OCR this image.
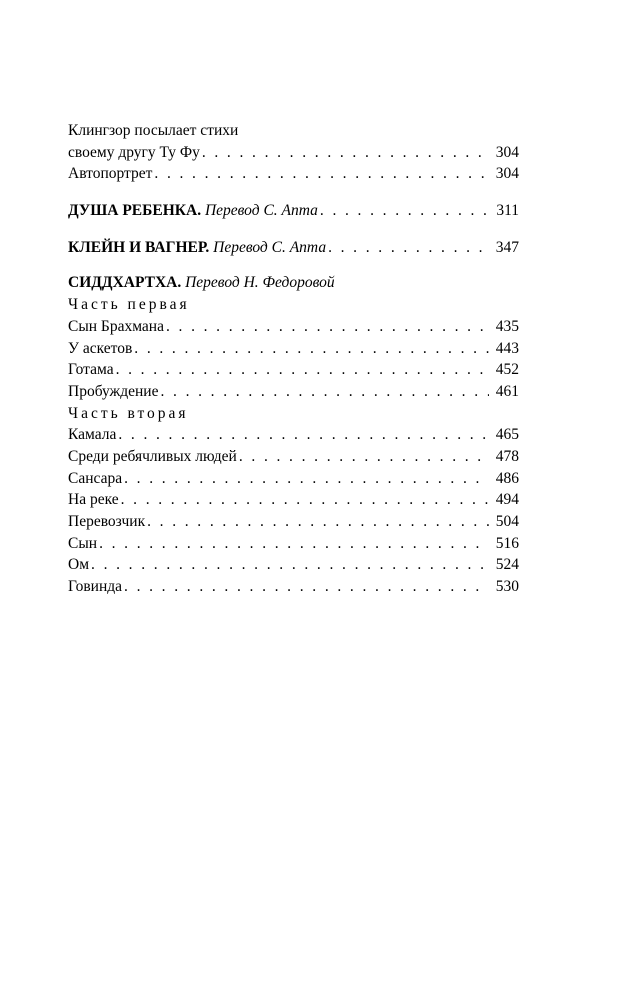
Клингзор посылает стихи
своему другу Ту Фу . . .	304
Автопортрет . . .	304
ДУША РЕБЕНКА. Перевод С. Апта . . .	311
КЛЕЙН И ВАГНЕР. Перевод С. Апта . . .	347
СИДДХАРТХА. Перевод Н. Федоровой
Часть первая
Сын Брахмана . . .	435
У аскетов . . .	443
Готама . . .	452
Пробуждение . . .	461
Часть вторая
Камала . . .	465
Среди ребячливых людей . . .	478
Сансара . . .	486
На реке . . .	494
Перевозчик . . .	504
Сын . . .	516
Ом . . .	524
Говинда . . .	530
